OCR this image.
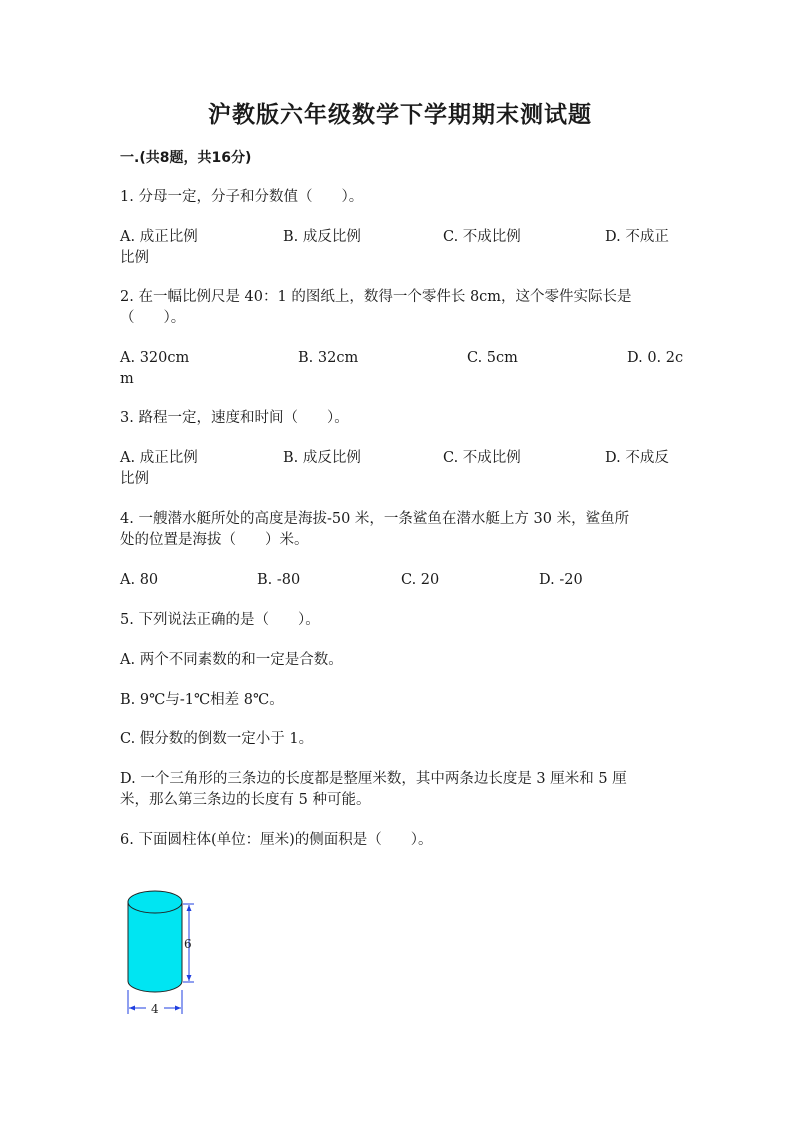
沪教版六年级数学下学期期末测试题
一.(共8题，共16分)
1. 分母一定，分子和分数值（　　）。
A. 成正比例	B. 成反比例	C. 不成比例	D. 不成正
比例
2. 在一幅比例尺是 40：1 的图纸上，数得一个零件长 8cm，这个零件实际长是
（　　）。
A. 320cm	B. 32cm	C. 5cm	D. 0. 2c
m
3. 路程一定，速度和时间（　　）。
A. 成正比例	B. 成反比例	C. 不成比例	D. 不成反
比例
4. 一艘潜水艇所处的高度是海拔-50 米，一条鲨鱼在潜水艇上方 30 米，鲨鱼所
处的位置是海拔（　　）米。
A. 80	B. -80	C. 20	D. -20
5. 下列说法正确的是（　　）。
A. 两个不同素数的和一定是合数。
B. 9℃与-1℃相差 8℃。
C. 假分数的倒数一定小于 1。
D. 一个三角形的三条边的长度都是整厘米数，其中两条边长度是 3 厘米和 5 厘
米，那么第三条边的长度有 5 种可能。
6. 下面圆柱体(单位：厘米)的侧面积是（　　）。
6
4
